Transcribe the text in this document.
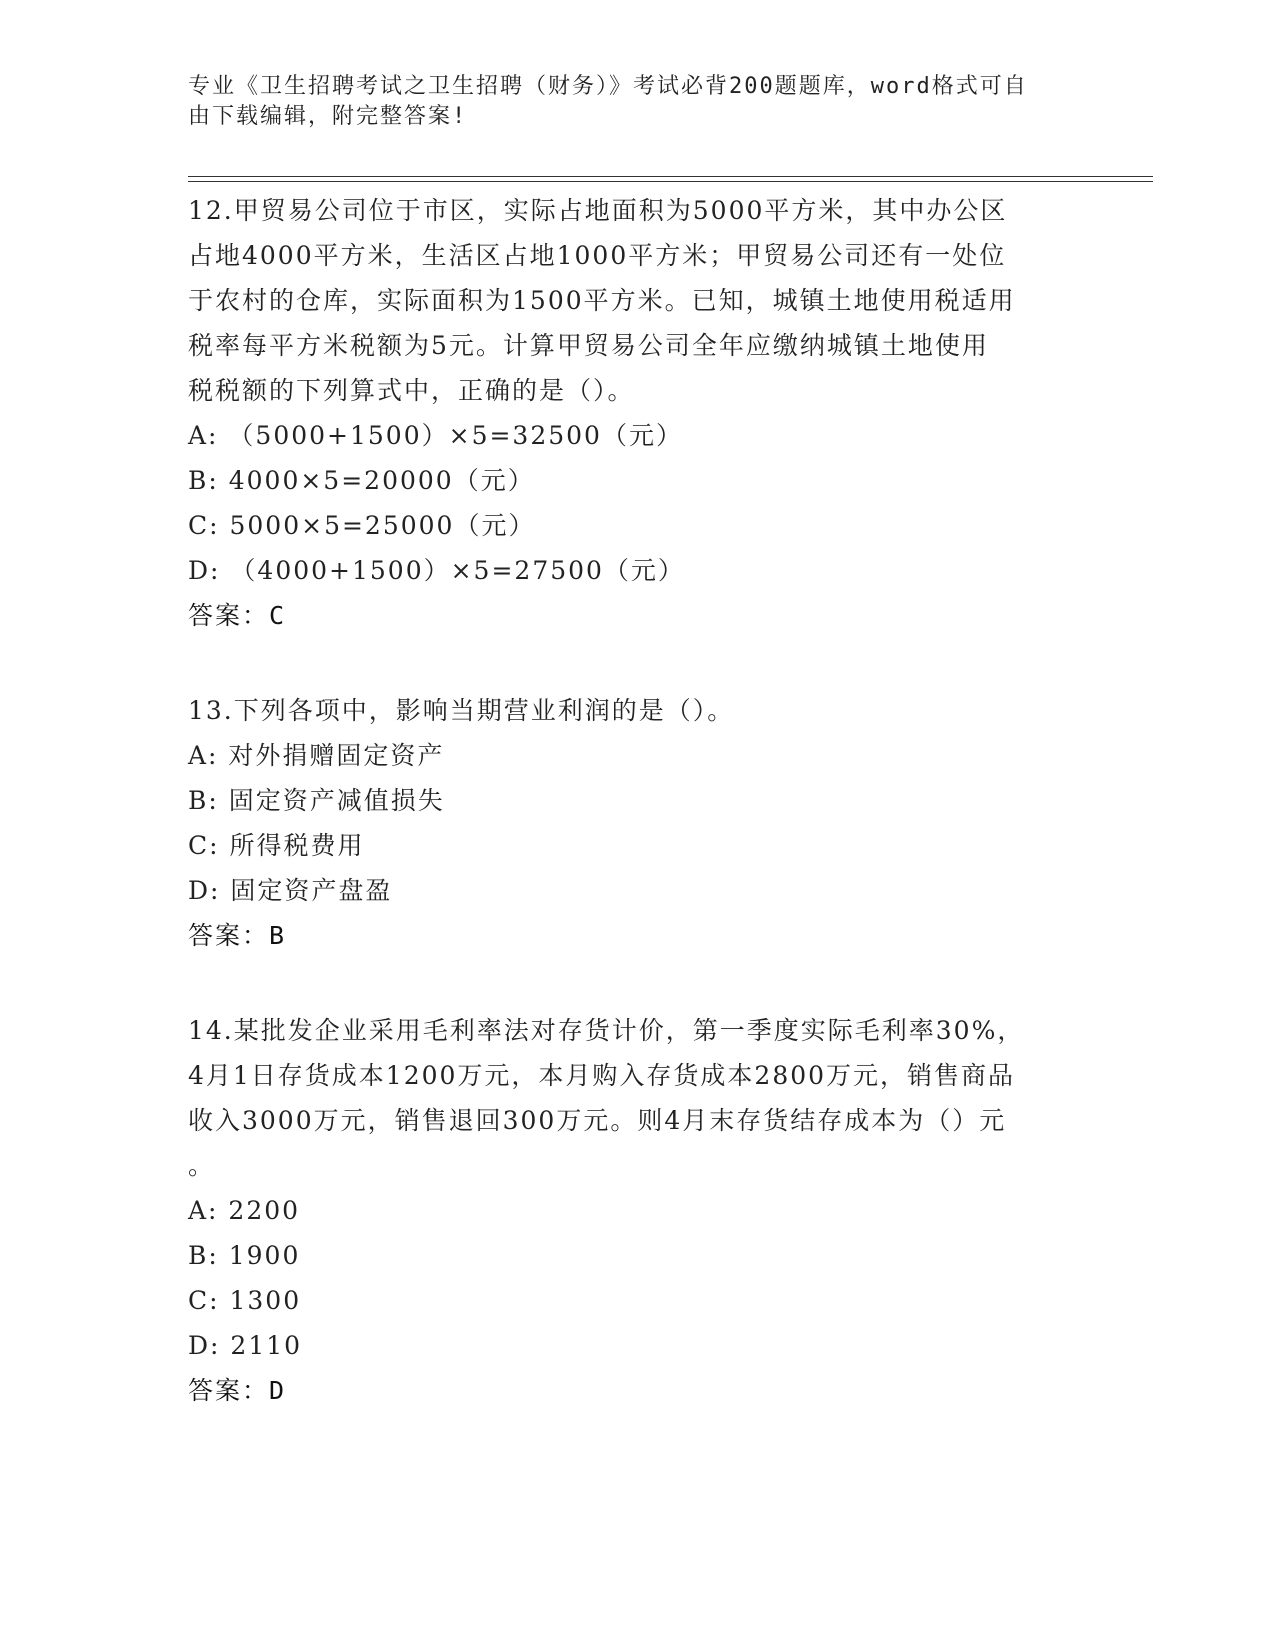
专业《卫生招聘考试之卫生招聘（财务）》考试必背200题题库，word格式可自
由下载编辑，附完整答案!
12.甲贸易公司位于市区，实际占地面积为5000平方米，其中办公区
占地4000平方米，生活区占地1000平方米；甲贸易公司还有一处位
于农村的仓库，实际面积为1500平方米。已知，城镇土地使用税适用
税率每平方米税额为5元。计算甲贸易公司全年应缴纳城镇土地使用
税税额的下列算式中，正确的是（）。
A: （5000+1500）×5=32500（元）
B: 4000×5=20000（元）
C: 5000×5=25000（元）
D: （4000+1500）×5=27500（元）
答案：C
13.下列各项中，影响当期营业利润的是（）。
A: 对外捐赠固定资产
B: 固定资产减值损失
C: 所得税费用
D: 固定资产盘盈
答案：B
14.某批发企业采用毛利率法对存货计价，第一季度实际毛利率30%，
4月1日存货成本1200万元，本月购入存货成本2800万元，销售商品
收入3000万元，销售退回300万元。则4月末存货结存成本为（）元
。
A: 2200
B: 1900
C: 1300
D: 2110
答案：D
